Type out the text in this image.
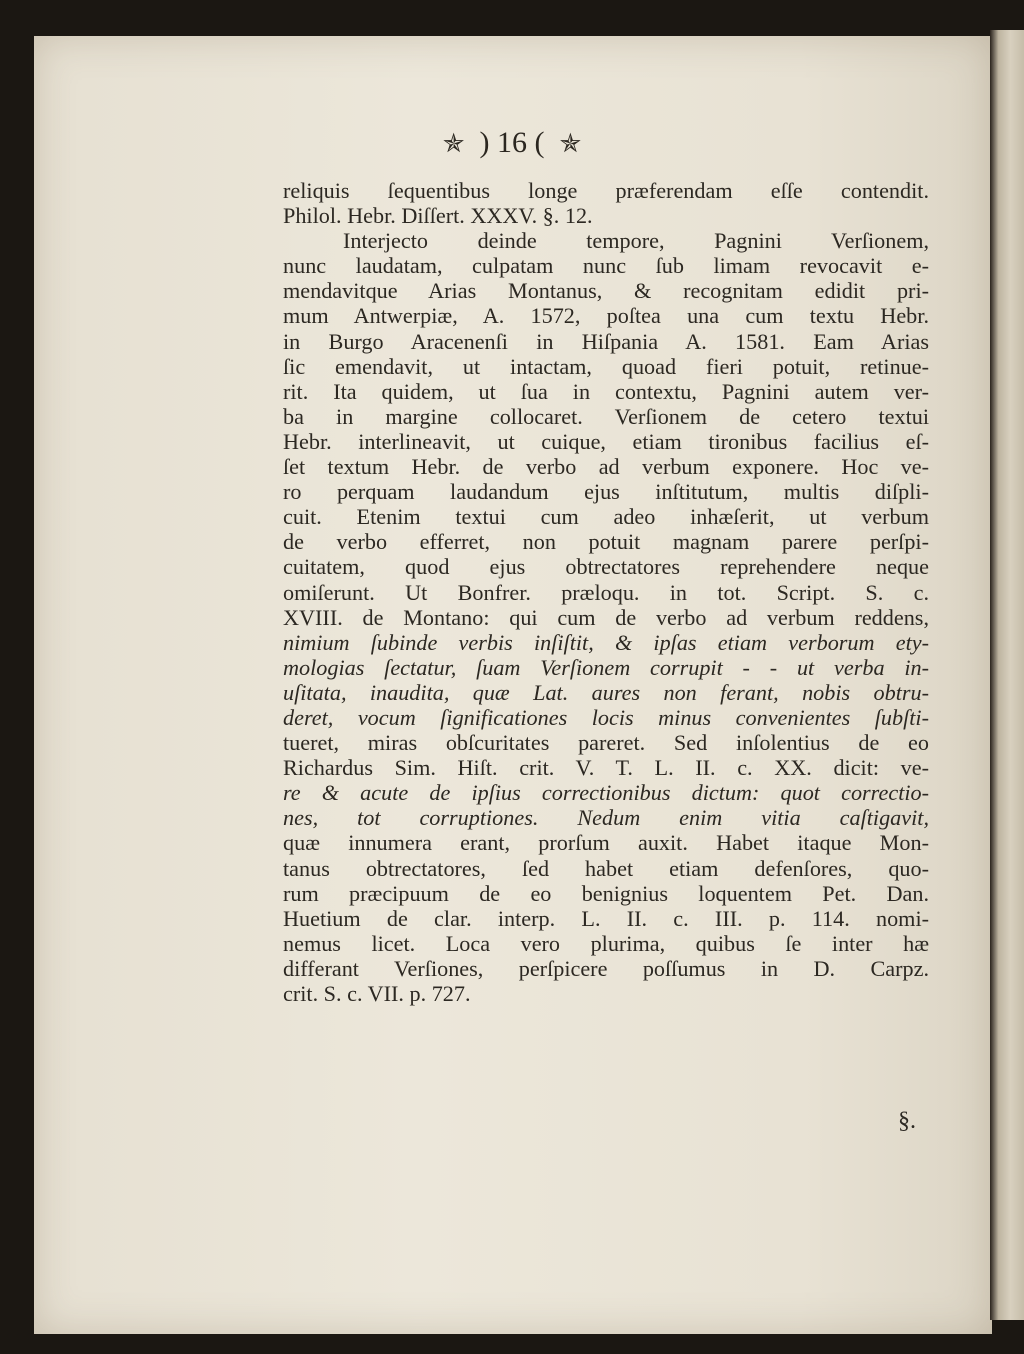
✯ ) 16 ( ✯
reliquis ſequentibus longe præferendam eſſe contendit.
Philol. Hebr. Diſſert. XXXV. §. 12.
Interjecto deinde tempore, Pagnini Verſionem,
nunc laudatam, culpatam nunc ſub limam revocavit e-
mendavitque Arias Montanus, & recognitam edidit pri-
mum Antwerpiæ, A. 1572, poſtea una cum textu Hebr.
in Burgo Aracenenſi in Hiſpania A. 1581. Eam Arias
ſic emendavit, ut intactam, quoad fieri potuit, retinue-
rit. Ita quidem, ut ſua in contextu, Pagnini autem ver-
ba in margine collocaret. Verſionem de cetero textui
Hebr. interlineavit, ut cuique, etiam tironibus facilius eſ-
ſet textum Hebr. de verbo ad verbum exponere. Hoc ve-
ro perquam laudandum ejus inſtitutum, multis diſpli-
cuit. Etenim textui cum adeo inhæſerit, ut verbum
de verbo efferret, non potuit magnam parere perſpi-
cuitatem, quod ejus obtrectatores reprehendere neque
omiſerunt. Ut Bonfrer. præloqu. in tot. Script. S. c.
XVIII. de Montano: qui cum de verbo ad verbum reddens,
nimium ſubinde verbis inſiſtit, & ipſas etiam verborum ety-
mologias ſectatur, ſuam Verſionem corrupit - - ut verba in-
uſitata, inaudita, quæ Lat. aures non ferant, nobis obtru-
deret, vocum ſignificationes locis minus convenientes ſubſti-
tueret, miras obſcuritates pareret. Sed inſolentius de eo
Richardus Sim. Hiſt. crit. V. T. L. II. c. XX. dicit: ve-
re & acute de ipſius correctionibus dictum: quot correctio-
nes, tot corruptiones. Nedum enim vitia caſtigavit,
quæ innumera erant, prorſum auxit. Habet itaque Mon-
tanus obtrectatores, ſed habet etiam defenſores, quo-
rum præcipuum de eo benignius loquentem Pet. Dan.
Huetium de clar. interp. L. II. c. III. p. 114. nomi-
nemus licet. Loca vero plurima, quibus ſe inter hæ
differant Verſiones, perſpicere poſſumus in D. Carpz.
crit. S. c. VII. p. 727.
§.
